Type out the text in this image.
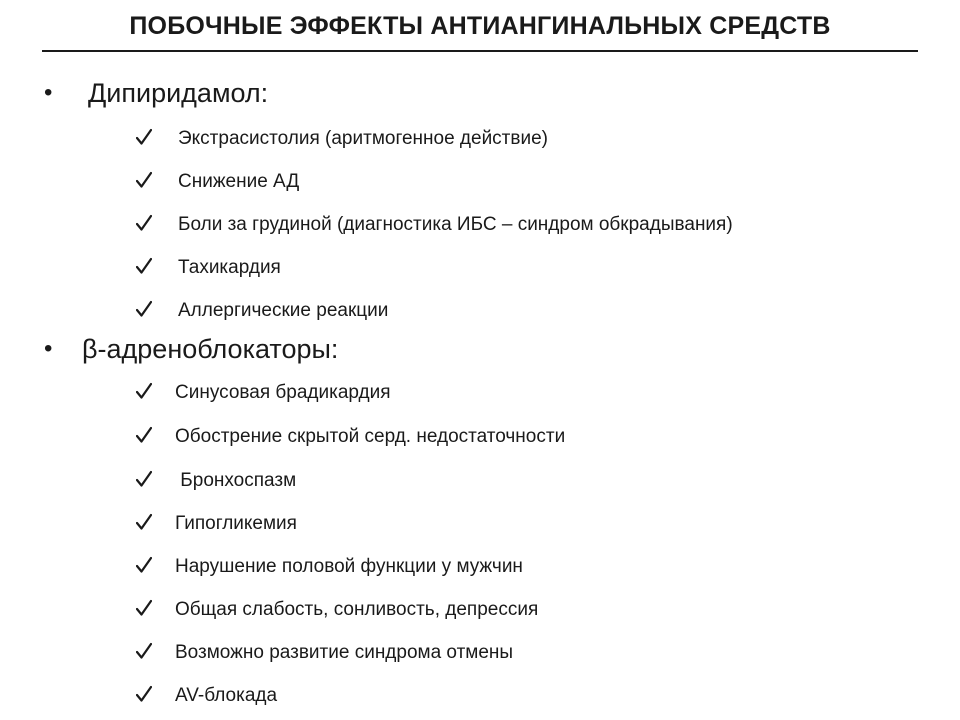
ПОБОЧНЫЕ ЭФФЕКТЫ АНТИАНГИНАЛЬНЫХ СРЕДСТВ
• Дипиридамол:
Экстрасистолия (аритмогенное действие)
Снижение АД
Боли за грудиной (диагностика ИБС – синдром обкрадывания)
Тахикардия
Аллергические реакции
• β-адреноблокаторы:
Синусовая брадикардия
Обострение скрытой серд. недостаточности
Бронхоспазм
Гипогликемия
Нарушение половой функции у мужчин
Общая слабость, сонливость, депрессия
Возможно развитие синдрома отмены
AV-блокада
